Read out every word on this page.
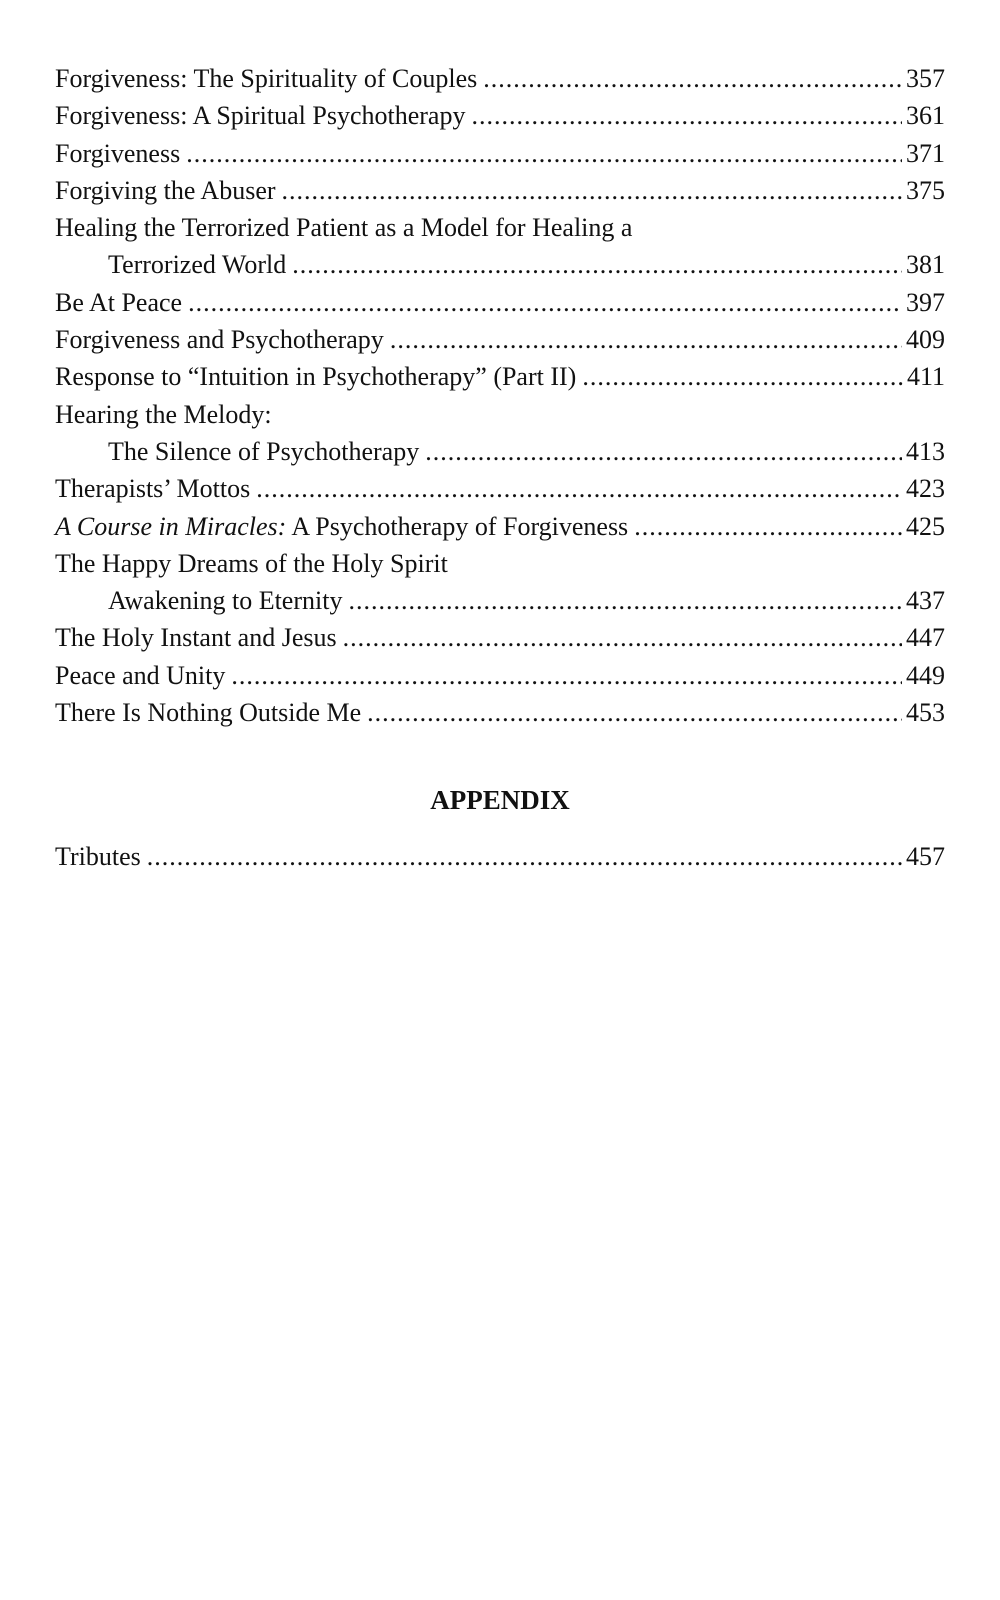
Forgiveness: The Spirituality of Couples .....	357
Forgiveness: A Spiritual Psychotherapy .....	361
Forgiveness .....	371
Forgiving the Abuser .....	375
Healing the Terrorized Patient as a Model for Healing a
Terrorized World .....	381
Be At Peace .....	397
Forgiveness and Psychotherapy .....	409
Response to “Intuition in Psychotherapy” (Part II) .....	411
Hearing the Melody:
The Silence of Psychotherapy .....	413
Therapists’ Mottos .....	423
A Course in Miracles: A Psychotherapy of Forgiveness .....	425
The Happy Dreams of the Holy Spirit
Awakening to Eternity .....	437
The Holy Instant and Jesus .....	447
Peace and Unity .....	449
There Is Nothing Outside Me .....	453
APPENDIX
Tributes .....	457
